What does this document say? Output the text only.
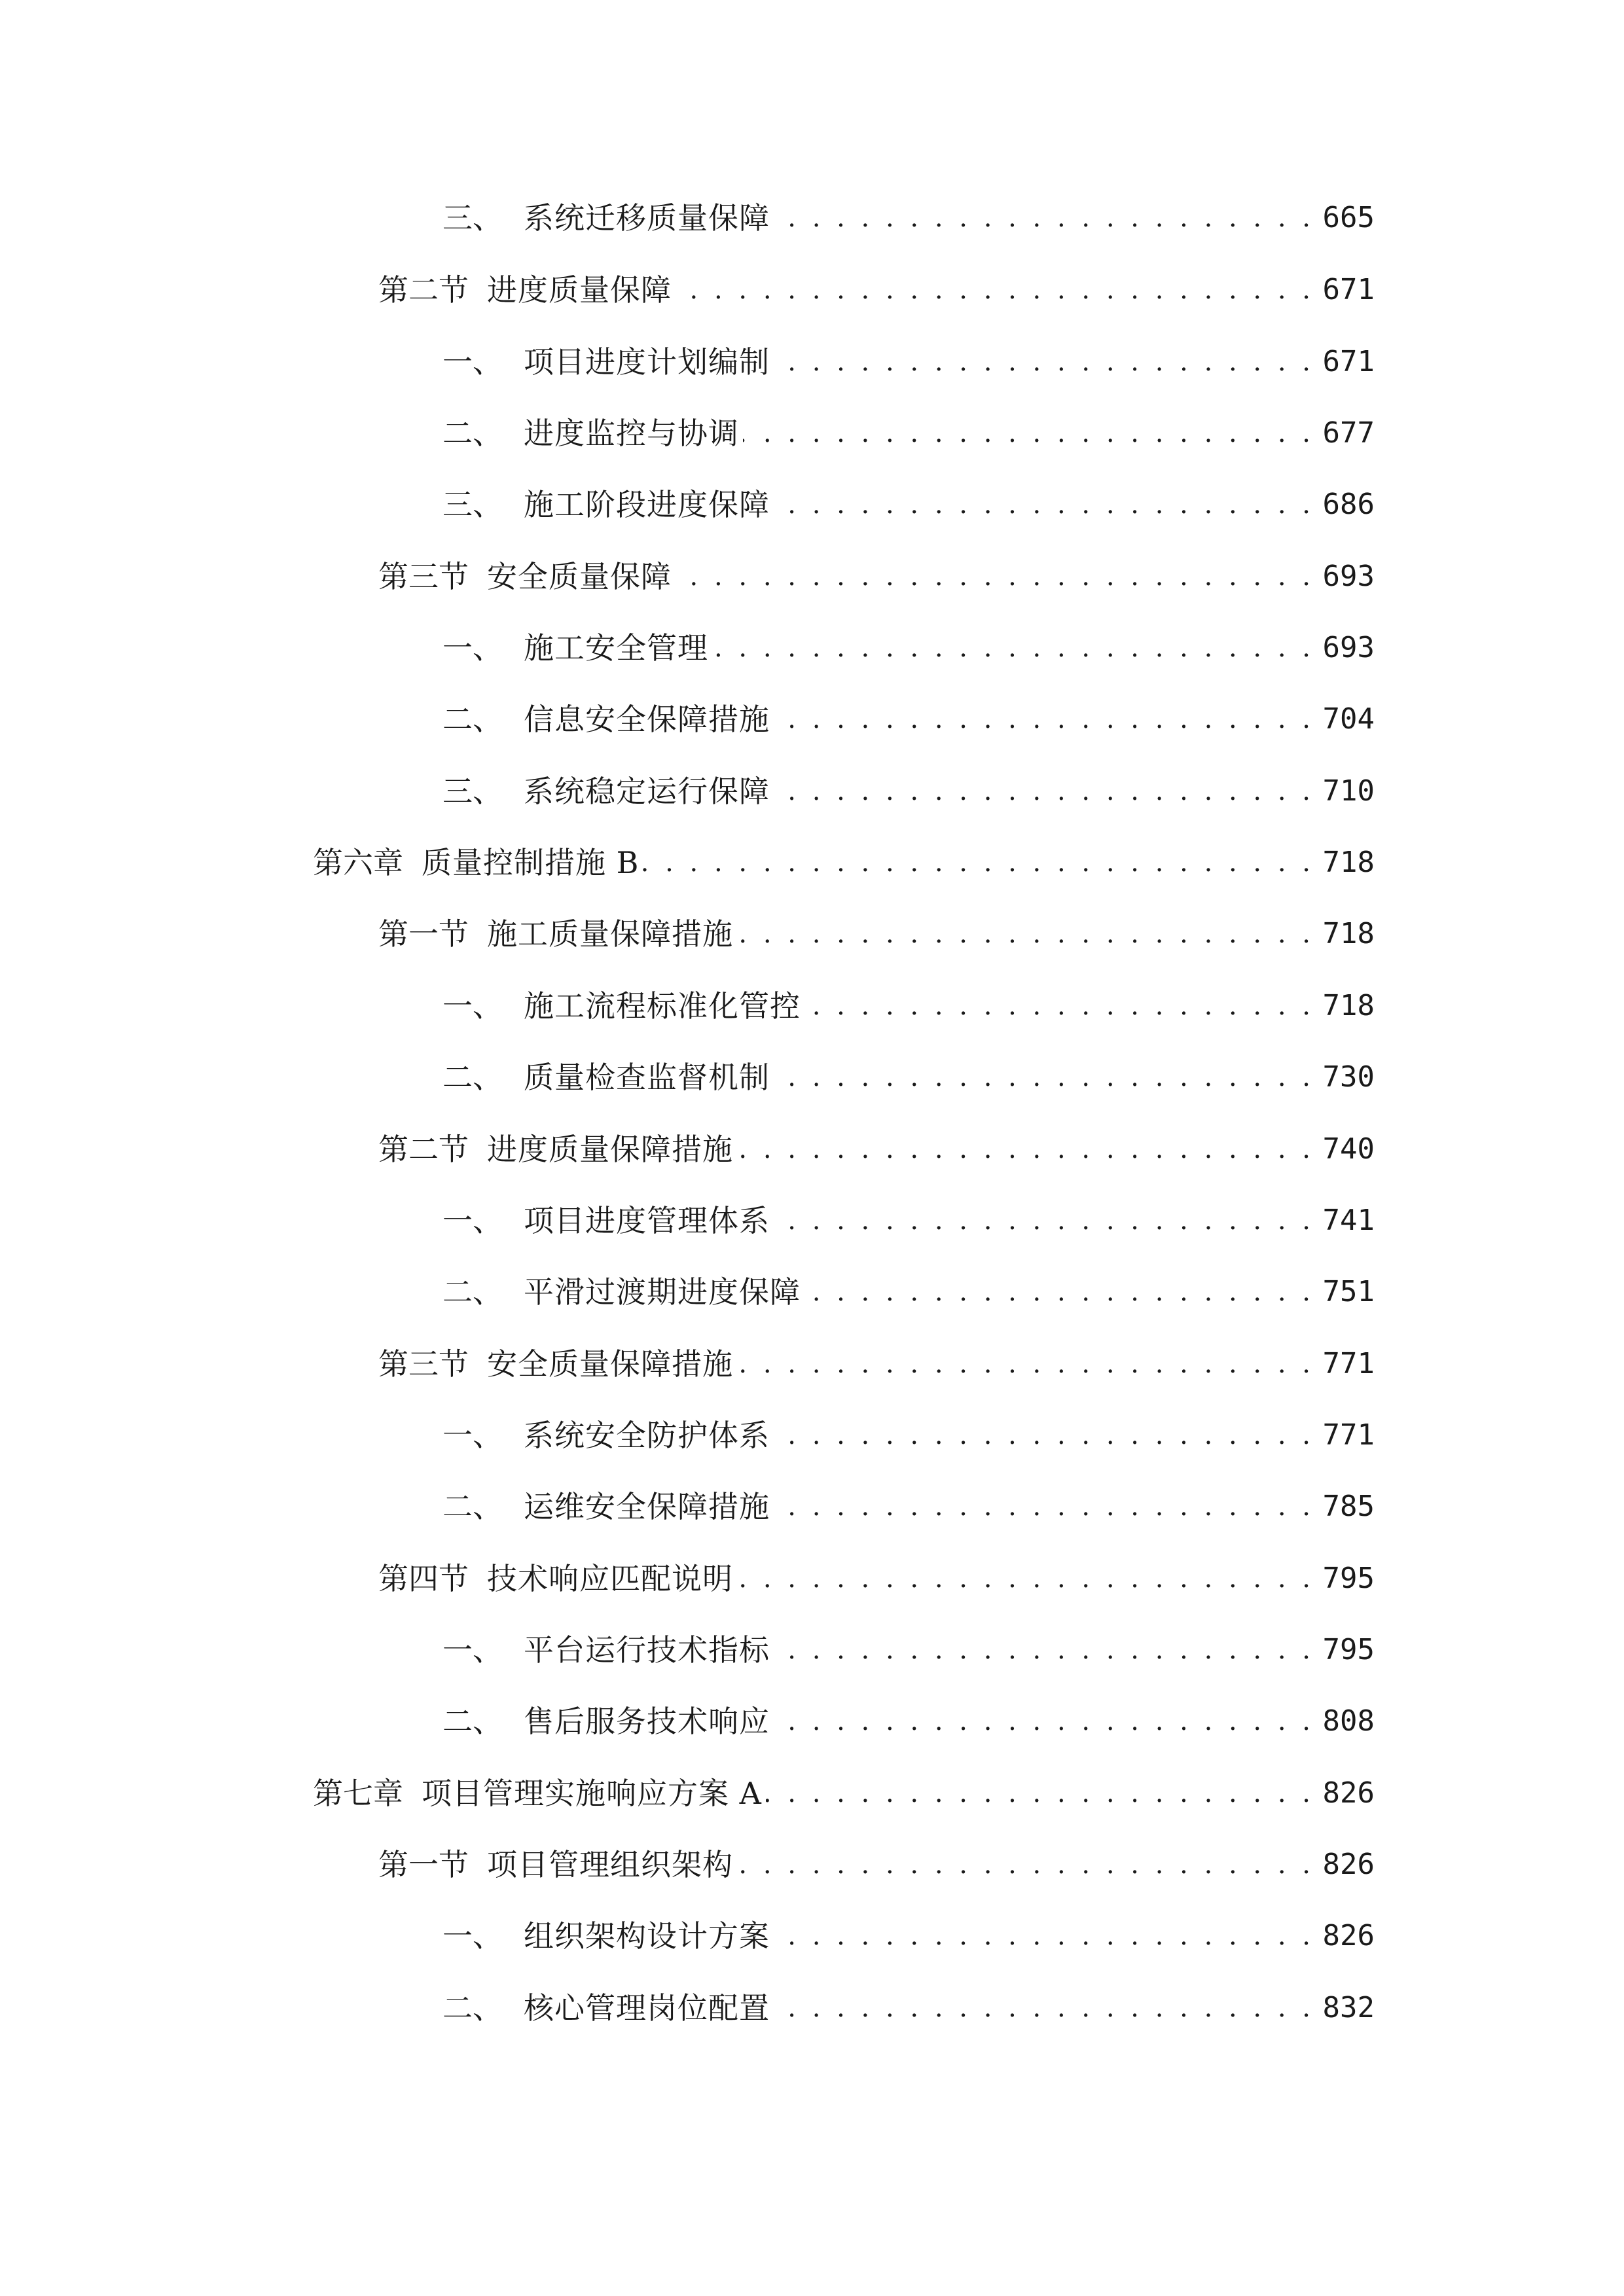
三、 系统迁移质量保障 . . .	665
第二节 进度质量保障 . . .	671
一、 项目进度计划编制 . . .	671
二、 进度监控与协调 . . .	677
三、 施工阶段进度保障 . . .	686
第三节 安全质量保障 . . .	693
一、 施工安全管理 . . .	693
二、 信息安全保障措施 . . .	704
三、 系统稳定运行保障 . . .	710
第六章 质量控制措施 B . . .	718
第一节 施工质量保障措施 . . .	718
一、 施工流程标准化管控 . . .	718
二、 质量检查监督机制 . . .	730
第二节 进度质量保障措施 . . .	740
一、 项目进度管理体系 . . .	741
二、 平滑过渡期进度保障 . . .	751
第三节 安全质量保障措施 . . .	771
一、 系统安全防护体系 . . .	771
二、 运维安全保障措施 . . .	785
第四节 技术响应匹配说明 . . .	795
一、 平台运行技术指标 . . .	795
二、 售后服务技术响应 . . .	808
第七章 项目管理实施响应方案 A . . .	826
第一节 项目管理组织架构 . . .	826
一、 组织架构设计方案 . . .	826
二、 核心管理岗位配置 . . .	832
